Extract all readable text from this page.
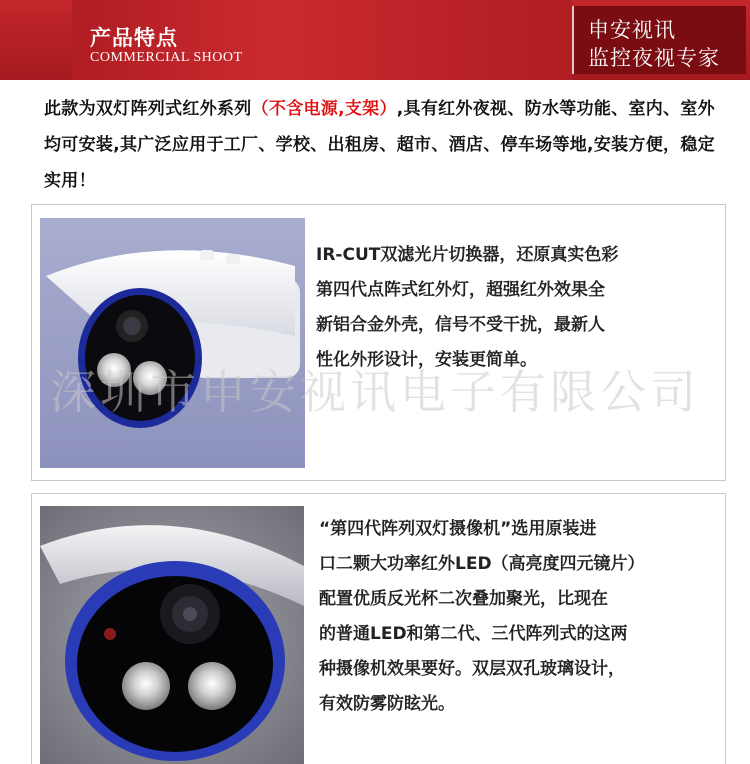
产品特点
COMMERCIAL SHOOT
申安视讯
监控夜视专家
此款为双灯阵列式红外系列（不含电源,支架）,具有红外夜视、防水等功能、室内、室外均可安装,其广泛应用于工厂、学校、出租房、超市、酒店、停车场等地,安装方便，稳定实用！
IR-CUT双滤光片切换器，还原真实色彩
第四代点阵式红外灯，超强红外效果全
新铝合金外壳，信号不受干扰，最新人
性化外形设计，安装更简单。
“第四代阵列双灯摄像机”选用原装进
口二颗大功率红外LED（高亮度四元镜片）
配置优质反光杯二次叠加聚光，比现在
的普通LED和第二代、三代阵列式的这两
种摄像机效果要好。双层双孔玻璃设计，
有效防雾防眩光。
深圳市申安视讯电子有限公司
